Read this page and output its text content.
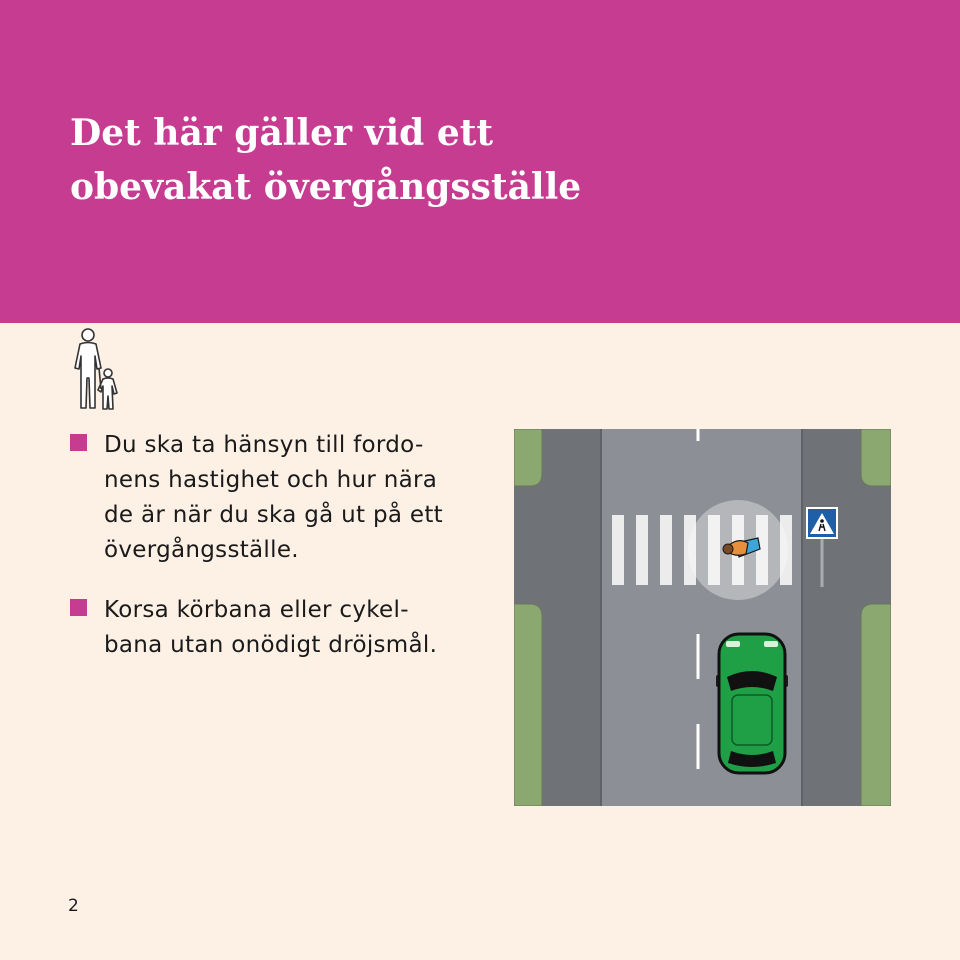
Det här gäller vid ett
obevakat övergångsställe

Du ska ta hänsyn till fordo-
nens hastighet och hur nära
de är när du ska gå ut på ett
övergångsställe.

Korsa körbana eller cykel-
bana utan onödigt dröjsmål.

2
